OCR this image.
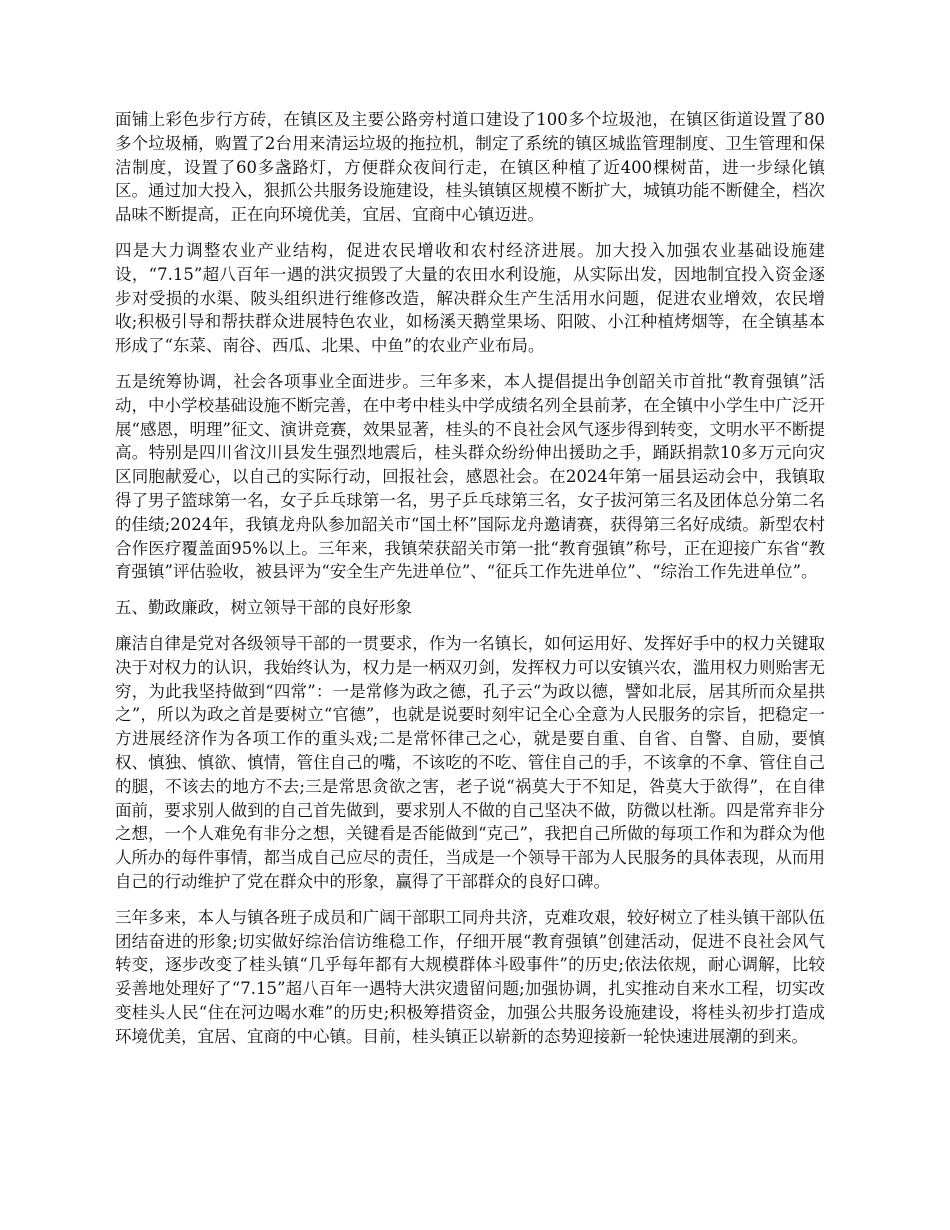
面铺上彩色步行方砖，在镇区及主要公路旁村道口建设了100多个垃圾池，在镇区街道设置了80多个垃圾桶，购置了2台用来清运垃圾的拖拉机，制定了系统的镇区城监管理制度、卫生管理和保洁制度，设置了60多盏路灯，方便群众夜间行走，在镇区种植了近400棵树苗，进一步绿化镇区。通过加大投入，狠抓公共服务设施建设，桂头镇镇区规模不断扩大，城镇功能不断健全，档次品味不断提高，正在向环境优美，宜居、宜商中心镇迈进。

四是大力调整农业产业结构，促进农民增收和农村经济进展。加大投入加强农业基础设施建设，“7.15”超八百年一遇的洪灾损毁了大量的农田水利设施，从实际出发，因地制宜投入资金逐步对受损的水渠、陂头组织进行维修改造，解决群众生产生活用水问题，促进农业增效，农民增收;积极引导和帮扶群众进展特色农业，如杨溪天鹅堂果场、阳陂、小江种植烤烟等，在全镇基本形成了“东菜、南谷、西瓜、北果、中鱼”的农业产业布局。

五是统筹协调，社会各项事业全面进步。三年多来，本人提倡提出争创韶关市首批“教育强镇”活动，中小学校基础设施不断完善，在中考中桂头中学成绩名列全县前茅，在全镇中小学生中广泛开展“感恩，明理”征文、演讲竞赛，效果显著，桂头的不良社会风气逐步得到转变，文明水平不断提高。特别是四川省汶川县发生强烈地震后，桂头群众纷纷伸出援助之手，踊跃捐款10多万元向灾区同胞献爱心，以自己的实际行动，回报社会，感恩社会。在2024年第一届县运动会中，我镇取得了男子篮球第一名，女子乒乓球第一名，男子乒乓球第三名，女子拔河第三名及团体总分第二名的佳绩;2024年，我镇龙舟队参加韶关市“国土杯”国际龙舟邀请赛，获得第三名好成绩。新型农村合作医疗覆盖面95%以上。三年来，我镇荣获韶关市第一批“教育强镇”称号，正在迎接广东省“教育强镇”评估验收，被县评为“安全生产先进单位”、“征兵工作先进单位”、“综治工作先进单位”。

五、勤政廉政，树立领导干部的良好形象

廉洁自律是党对各级领导干部的一贯要求，作为一名镇长，如何运用好、发挥好手中的权力关键取决于对权力的认识，我始终认为，权力是一柄双刃剑，发挥权力可以安镇兴农，滥用权力则贻害无穷，为此我坚持做到“四常”：一是常修为政之德，孔子云“为政以德，譬如北辰，居其所而众星拱之”，所以为政之首是要树立“官德”，也就是说要时刻牢记全心全意为人民服务的宗旨，把稳定一方进展经济作为各项工作的重头戏;二是常怀律己之心，就是要自重、自省、自警、自励，要慎权、慎独、慎欲、慎情，管住自己的嘴，不该吃的不吃、管住自己的手，不该拿的不拿、管住自己的腿，不该去的地方不去;三是常思贪欲之害，老子说“祸莫大于不知足，咎莫大于欲得”，在自律面前，要求别人做到的自己首先做到，要求别人不做的自己坚决不做，防微以杜渐。四是常弃非分之想，一个人难免有非分之想，关键看是否能做到“克己”，我把自己所做的每项工作和为群众为他人所办的每件事情，都当成自己应尽的责任，当成是一个领导干部为人民服务的具体表现，从而用自己的行动维护了党在群众中的形象，赢得了干部群众的良好口碑。

三年多来，本人与镇各班子成员和广阔干部职工同舟共济，克难攻艰，较好树立了桂头镇干部队伍团结奋进的形象;切实做好综治信访维稳工作，仔细开展“教育强镇”创建活动，促进不良社会风气转变，逐步改变了桂头镇“几乎每年都有大规模群体斗殴事件”的历史;依法依规，耐心调解，比较妥善地处理好了“7.15”超八百年一遇特大洪灾遗留问题;加强协调，扎实推动自来水工程，切实改变桂头人民“住在河边喝水难”的历史;积极筹措资金，加强公共服务设施建设，将桂头初步打造成环境优美，宜居、宜商的中心镇。目前，桂头镇正以崭新的态势迎接新一轮快速进展潮的到来。
